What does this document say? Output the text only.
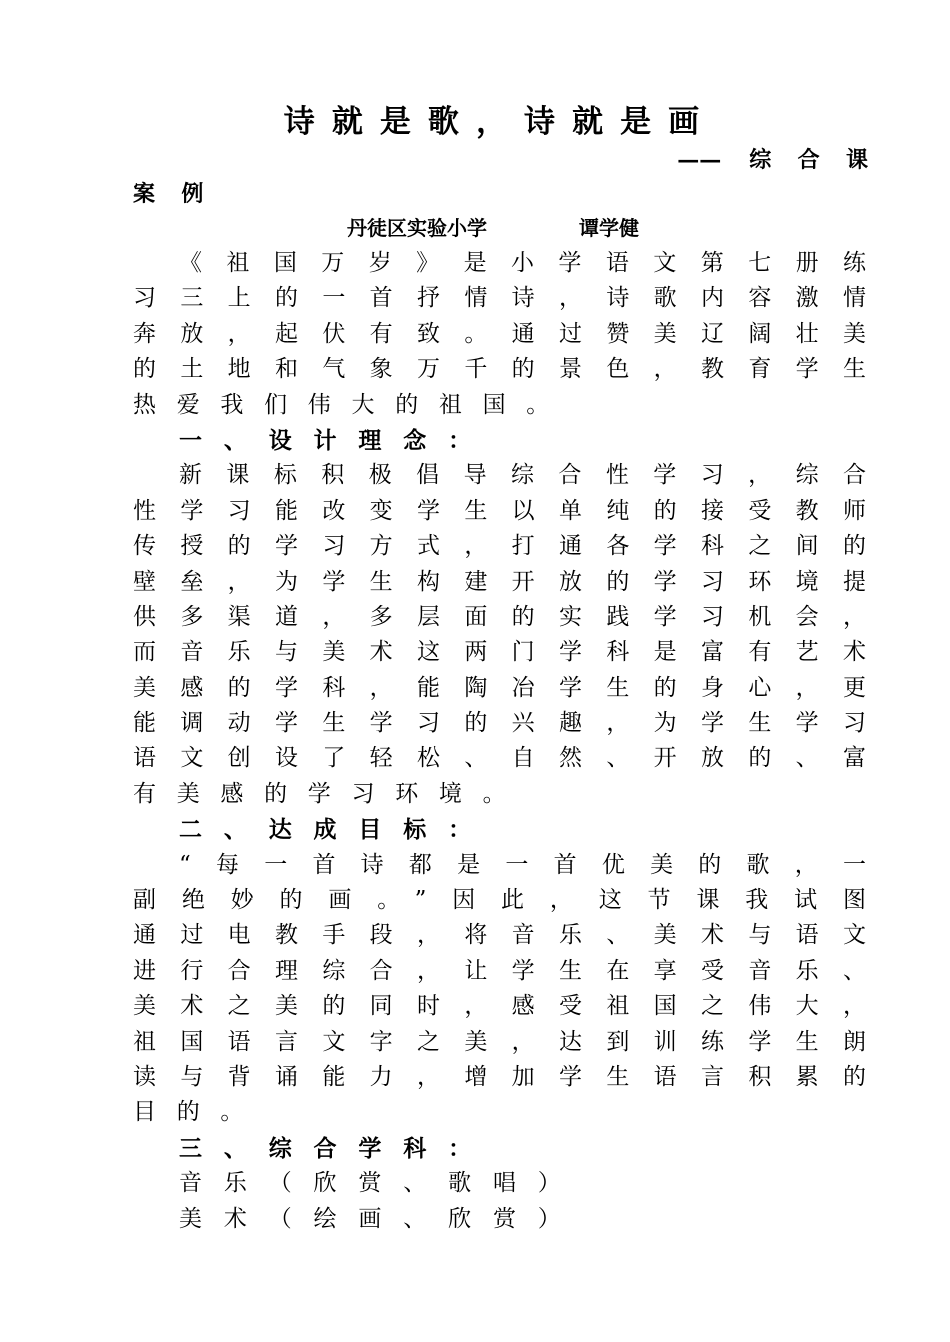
诗就是歌，诗就是画
—— 综合课
案例
丹徒区实验小学	谭学健
《祖国万岁》是小学语文第七册练
习三上的一首抒情诗，诗歌内容激情
奔放，起伏有致。通过赞美辽阔壮美
的土地和气象万千的景色，教育学生
热爱我们伟大的祖国。
一、设计理念：
新课标积极倡导综合性学习，综合
性学习能改变学生以单纯的接受教师
传授的学习方式，打通各学科之间的
壁垒，为学生构建开放的学习环境提
供多渠道，多层面的实践学习机会，
而音乐与美术这两门学科是富有艺术
美感的学科，能陶冶学生的身心，更
能调动学生学习的兴趣，为学生学习
语文创设了轻松、自然、开放的、富
有美感的学习环境。
二、达成目标：
“每一首诗都是一首优美的歌，一
副绝妙的画。”因此，这节课我试图
通过电教手段，将音乐、美术与语文
进行合理综合，让学生在享受音乐、
美术之美的同时，感受祖国之伟大，
祖国语言文字之美，达到训练学生朗
读与背诵能力，增加学生语言积累的
目的。
三、综合学科：
音乐（欣赏、歌唱）
美术（绘画、欣赏）
